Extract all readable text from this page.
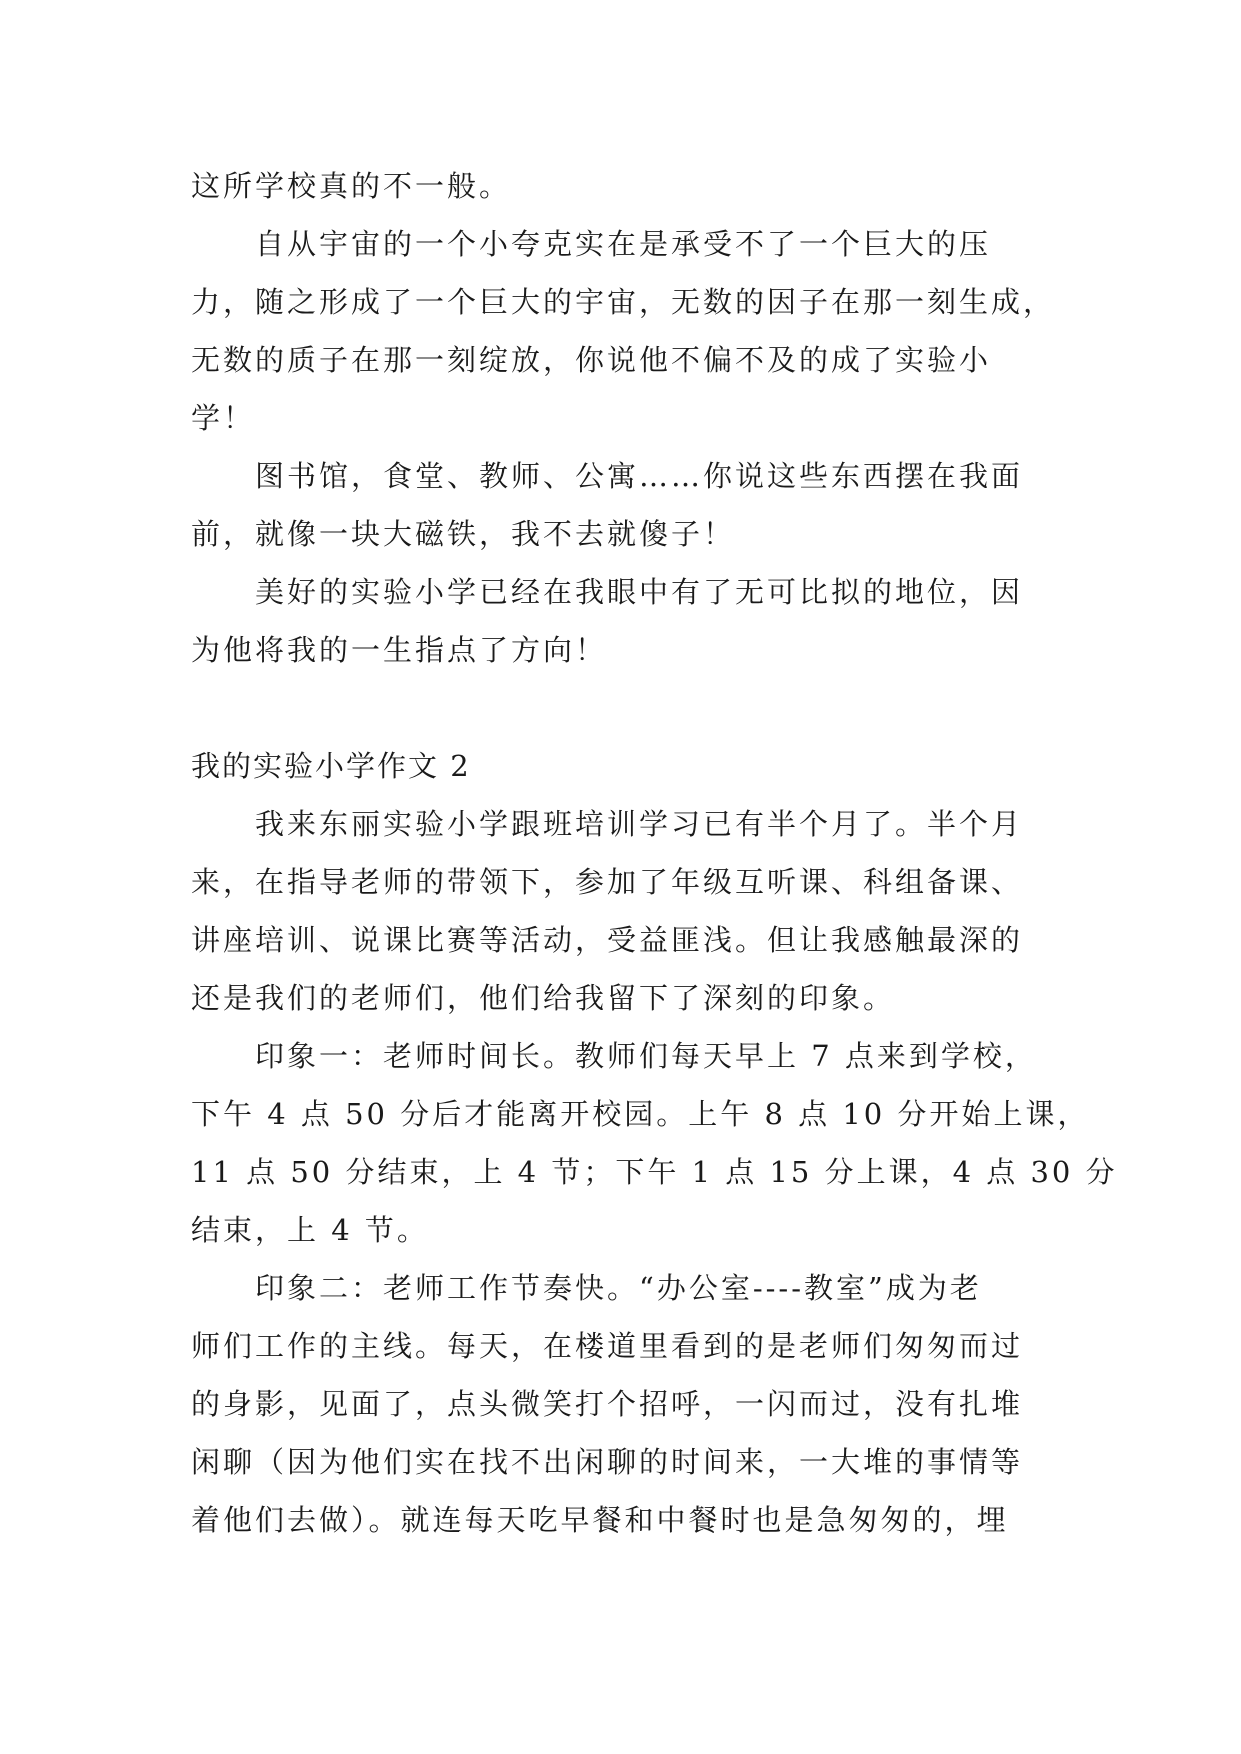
这所学校真的不一般。
自从宇宙的一个小夸克实在是承受不了一个巨大的压
力，随之形成了一个巨大的宇宙，无数的因子在那一刻生成，
无数的质子在那一刻绽放，你说他不偏不及的成了实验小
学！
图书馆，食堂、教师、公寓……你说这些东西摆在我面
前，就像一块大磁铁，我不去就傻子！
美好的实验小学已经在我眼中有了无可比拟的地位，因
为他将我的一生指点了方向！
我的实验小学作文 2
我来东丽实验小学跟班培训学习已有半个月了。半个月
来，在指导老师的带领下，参加了年级互听课、科组备课、
讲座培训、说课比赛等活动，受益匪浅。但让我感触最深的
还是我们的老师们，他们给我留下了深刻的印象。
印象一：老师时间长。教师们每天早上 7 点来到学校，
下午 4 点 50 分后才能离开校园。上午 8 点 10 分开始上课，
11 点 50 分结束，上 4 节；下午 1 点 15 分上课，4 点 30 分
结束，上 4 节。
印象二：老师工作节奏快。“办公室----教室”成为老
师们工作的主线。每天，在楼道里看到的是老师们匆匆而过
的身影，见面了，点头微笑打个招呼，一闪而过，没有扎堆
闲聊（因为他们实在找不出闲聊的时间来，一大堆的事情等
着他们去做）。就连每天吃早餐和中餐时也是急匆匆的，埋
